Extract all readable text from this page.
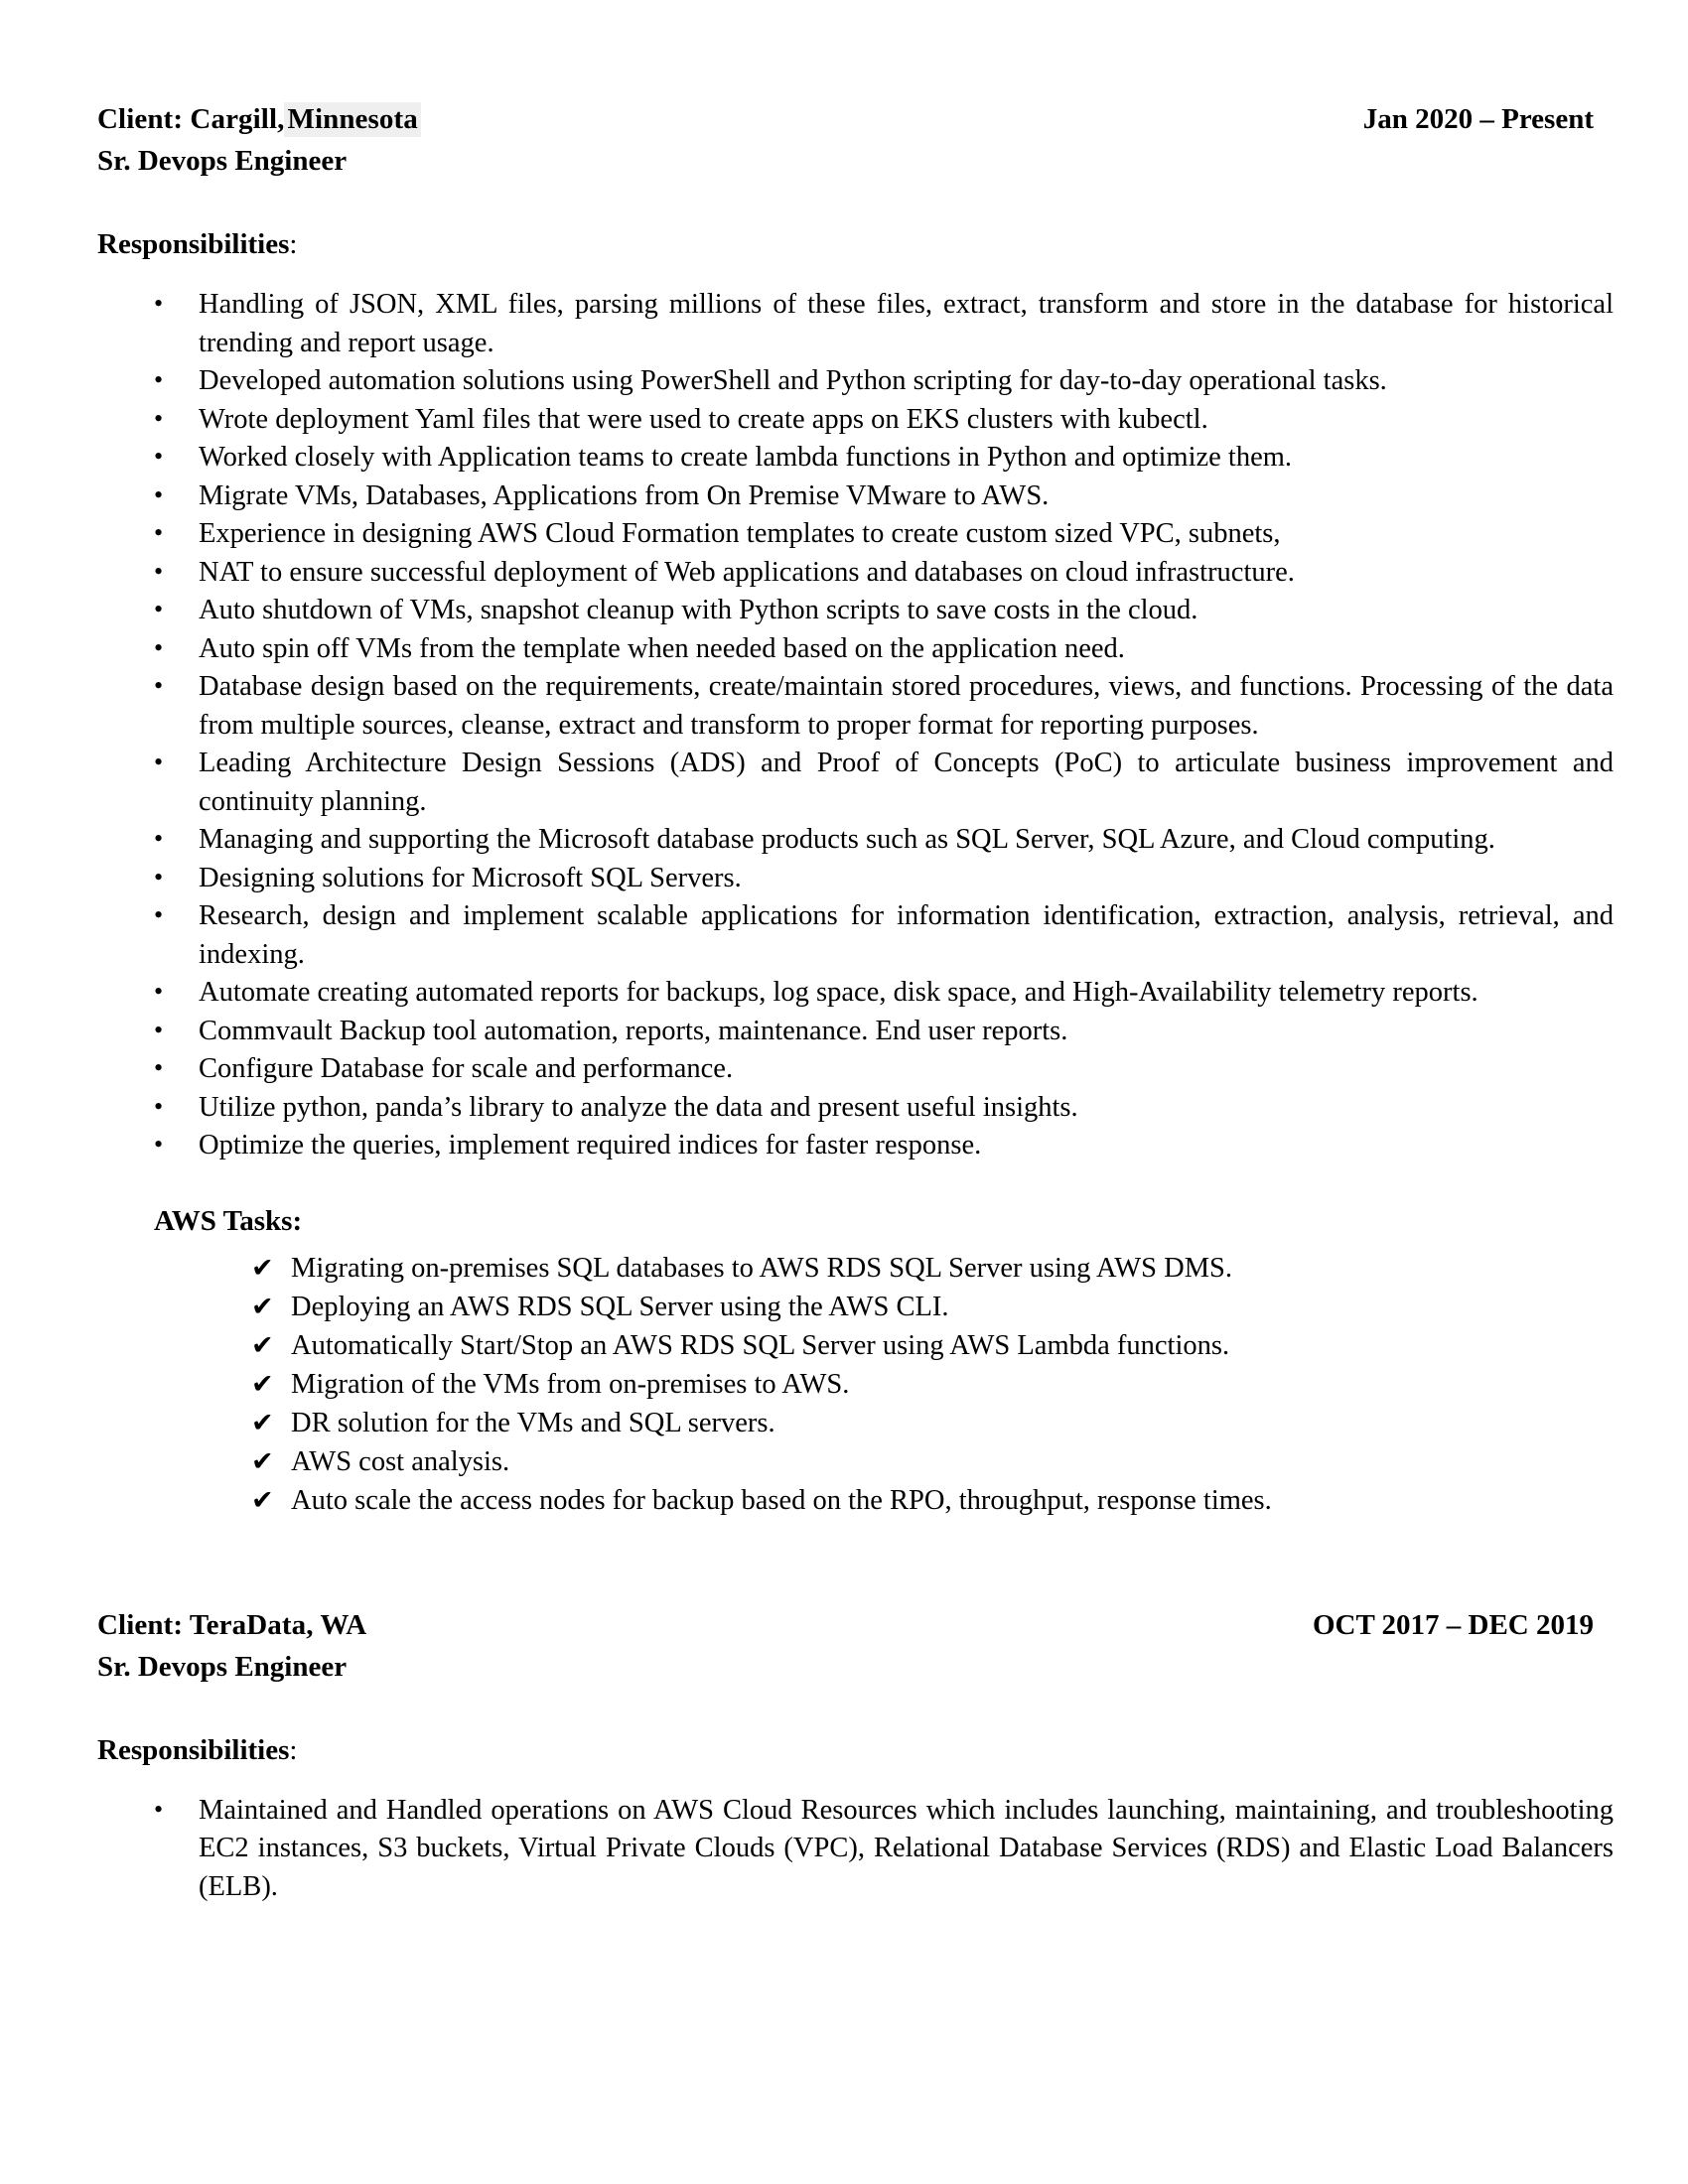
Client: Cargill, Minnesota	Jan 2020 – Present
Sr. Devops Engineer
Responsibilities:
• Handling of JSON, XML files, parsing millions of these files, extract, transform and store in the database for historical trending and report usage.
• Developed automation solutions using PowerShell and Python scripting for day-to-day operational tasks.
• Wrote deployment Yaml files that were used to create apps on EKS clusters with kubectl.
• Worked closely with Application teams to create lambda functions in Python and optimize them.
• Migrate VMs, Databases, Applications from On Premise VMware to AWS.
• Experience in designing AWS Cloud Formation templates to create custom sized VPC, subnets,
• NAT to ensure successful deployment of Web applications and databases on cloud infrastructure.
• Auto shutdown of VMs, snapshot cleanup with Python scripts to save costs in the cloud.
• Auto spin off VMs from the template when needed based on the application need.
• Database design based on the requirements, create/maintain stored procedures, views, and functions. Processing of the data from multiple sources, cleanse, extract and transform to proper format for reporting purposes.
• Leading Architecture Design Sessions (ADS) and Proof of Concepts (PoC) to articulate business improvement and continuity planning.
• Managing and supporting the Microsoft database products such as SQL Server, SQL Azure, and Cloud computing.
• Designing solutions for Microsoft SQL Servers.
• Research, design and implement scalable applications for information identification, extraction, analysis, retrieval, and indexing.
• Automate creating automated reports for backups, log space, disk space, and High-Availability telemetry reports.
• Commvault Backup tool automation, reports, maintenance. End user reports.
• Configure Database for scale and performance.
• Utilize python, panda’s library to analyze the data and present useful insights.
• Optimize the queries, implement required indices for faster response.
AWS Tasks:
✔ Migrating on-premises SQL databases to AWS RDS SQL Server using AWS DMS.
✔ Deploying an AWS RDS SQL Server using the AWS CLI.
✔ Automatically Start/Stop an AWS RDS SQL Server using AWS Lambda functions.
✔ Migration of the VMs from on-premises to AWS.
✔ DR solution for the VMs and SQL servers.
✔ AWS cost analysis.
✔ Auto scale the access nodes for backup based on the RPO, throughput, response times.
Client: TeraData, WA	OCT 2017 – DEC 2019
Sr. Devops Engineer
Responsibilities:
• Maintained and Handled operations on AWS Cloud Resources which includes launching, maintaining, and troubleshooting EC2 instances, S3 buckets, Virtual Private Clouds (VPC), Relational Database Services (RDS) and Elastic Load Balancers (ELB).
